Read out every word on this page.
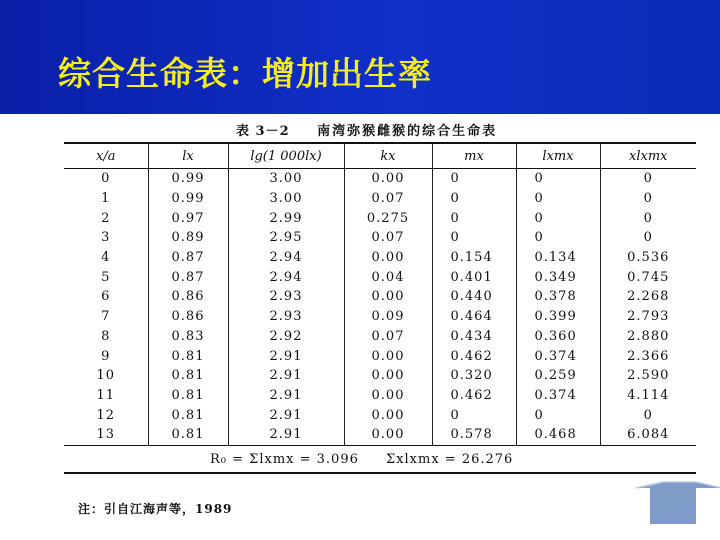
综合生命表：增加出生率
表 3－2 南湾弥猴雌猴的综合生命表
x/a	lx	lg(1 000lx)	kx	mx	lxmx	xlxmx
0	0.99	3.00	0.00	0	0	0
1	0.99	3.00	0.07	0	0	0
2	0.97	2.99	0.275	0	0	0
3	0.89	2.95	0.07	0	0	0
4	0.87	2.94	0.00	0.154	0.134	0.536
5	0.87	2.94	0.04	0.401	0.349	0.745
6	0.86	2.93	0.00	0.440	0.378	2.268
7	0.86	2.93	0.09	0.464	0.399	2.793
8	0.83	2.92	0.07	0.434	0.360	2.880
9	0.81	2.91	0.00	0.462	0.374	2.366
10	0.81	2.91	0.00	0.320	0.259	2.590
11	0.81	2.91	0.00	0.462	0.374	4.114
12	0.81	2.91	0.00	0	0	0
13	0.81	2.91	0.00	0.578	0.468	6.084
R₀ = Σlxmx = 3.096 Σxlxmx = 26.276
注：引自江海声等，1989
